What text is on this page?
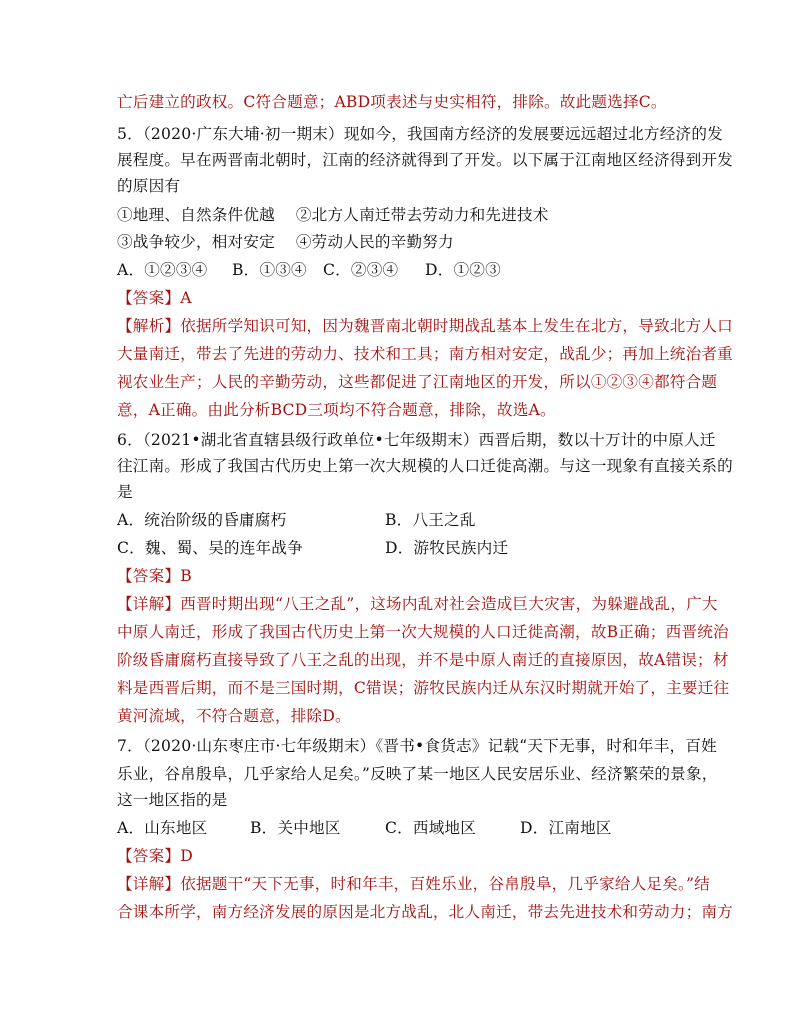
亡后建立的政权。C符合题意；ABD项表述与史实相符，排除。故此题选择C。
5．（2020·广东大埔·初一期末）现如今，我国南方经济的发展要远远超过北方经济的发
展程度。早在两晋南北朝时，江南的经济就得到了开发。以下属于江南地区经济得到开发
的原因有
①地理、自然条件优越　 ②北方人南迁带去劳动力和先进技术
③战争较少，相对安定　 ④劳动人民的辛勤努力
A．①②③④ B．①③④ C．②③④ D．①②③
【答案】A
【解析】依据所学知识可知，因为魏晋南北朝时期战乱基本上发生在北方，导致北方人口
大量南迁，带去了先进的劳动力、技术和工具；南方相对安定，战乱少；再加上统治者重
视农业生产；人民的辛勤劳动，这些都促进了江南地区的开发，所以①②③④都符合题
意，A正确。由此分析BCD三项均不符合题意，排除，故选A。
6．（2021•湖北省直辖县级行政单位•七年级期末）西晋后期，数以十万计的中原人迁
往江南。形成了我国古代历史上第一次大规模的人口迁徙高潮。与这一现象有直接关系的
是
A．统治阶级的昏庸腐朽	B．八王之乱
C．魏、蜀、吴的连年战争	D．游牧民族内迁
【答案】B
【详解】西晋时期出现“八王之乱”，这场内乱对社会造成巨大灾害，为躲避战乱，广大
中原人南迁，形成了我国古代历史上第一次大规模的人口迁徙高潮，故B正确；西晋统治
阶级昏庸腐朽直接导致了八王之乱的出现，并不是中原人南迁的直接原因，故A错误；材
料是西晋后期，而不是三国时期，C错误；游牧民族内迁从东汉时期就开始了，主要迁往
黄河流域，不符合题意，排除D。
7．（2020·山东枣庄市·七年级期末）《晋书•食货志》记载“天下无事，时和年丰，百姓
乐业，谷帛殷阜，几乎家给人足矣。”反映了某一地区人民安居乐业、经济繁荣的景象，
这一地区指的是
A．山东地区	B．关中地区	C．西域地区	D．江南地区
【答案】D
【详解】依据题干“天下无事，时和年丰，百姓乐业，谷帛殷阜，几乎家给人足矣。”结
合课本所学，南方经济发展的原因是北方战乱，北人南迁，带去先进技术和劳动力；南方
